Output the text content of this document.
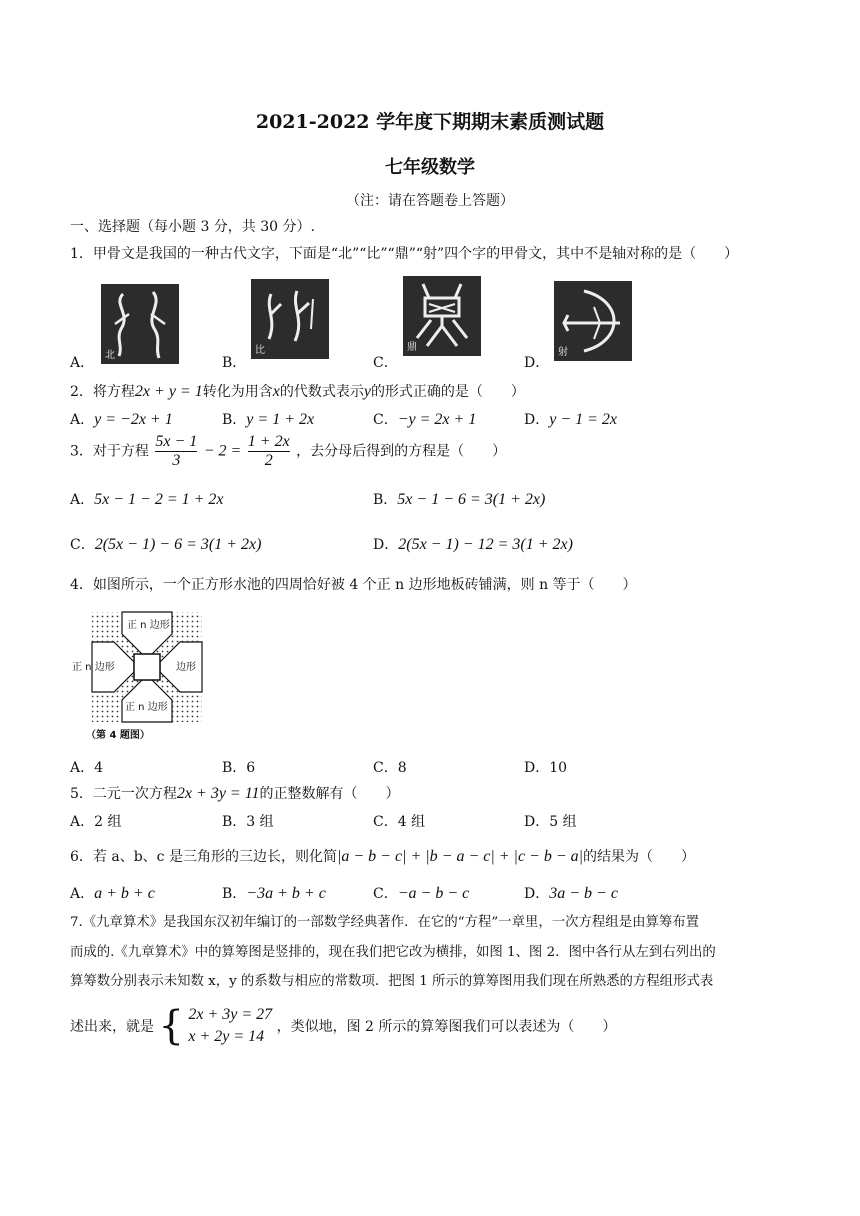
2021-2022 学年度下期期末素质测试题
七年级数学
（注：请在答题卷上答题）
一、选择题（每小题 3 分，共 30 分）.
1．甲骨文是我国的一种古代文字，下面是“北”“比”“鼎”“射”四个字的甲骨文，其中不是轴对称的是（　　）
A． 北	B．
比
C．
鼎
D．
射
2．将方程2x + y = 1转化为用含x的代数式表示y的形式正确的是（　　）
A．y = −2x + 1	B．y = 1 + 2x	C．−y = 2x + 1	D．y − 1 = 2x
3．对于方程 $\frac{5x - 1}{3} - 2 = \frac{1 + 2x}{2}$ ，去分母后得到的方程是（　　）
A．5x − 1 − 2 = 1 + 2x	B．5x − 1 − 6 = 3(1 + 2x)
C．2(5x − 1) − 6 = 3(1 + 2x)	D．2(5x − 1) − 12 = 3(1 + 2x)
4．如图所示，一个正方形水池的四周恰好被 4 个正 n 边形地板砖铺满，则 n 等于（　　）
正 n 边形
正 n 边形	边形
正 n 边形
（第 4 题图）
A．4	B．6	C．8	D．10
5．二元一次方程2x + 3y = 11的正整数解有（　　）
A．2 组	B．3 组	C．4 组	D．5 组
6．若 a、b、c 是三角形的三边长，则化简|a − b − c| + |b − a − c| + |c − b − a|的结果为（　　）
A．a + b + c	B．−3a + b + c	C．−a − b − c	D．3a − b − c
7.《九章算术》是我国东汉初年编订的一部数学经典著作．在它的“方程”一章里，一次方程组是由算筹布置
而成的.《九章算术》中的算筹图是竖排的，现在我们把它改为横排，如图 1、图 2．图中各行从左到右列出的
算筹数分别表示未知数 x，y 的系数与相应的常数项．把图 1 所示的算筹图用我们现在所熟悉的方程组形式表
述出来，就是 { 2x + 3y = 27
x + 2y = 14
，类似地，图 2 所示的算筹图我们可以表述为（　　）
